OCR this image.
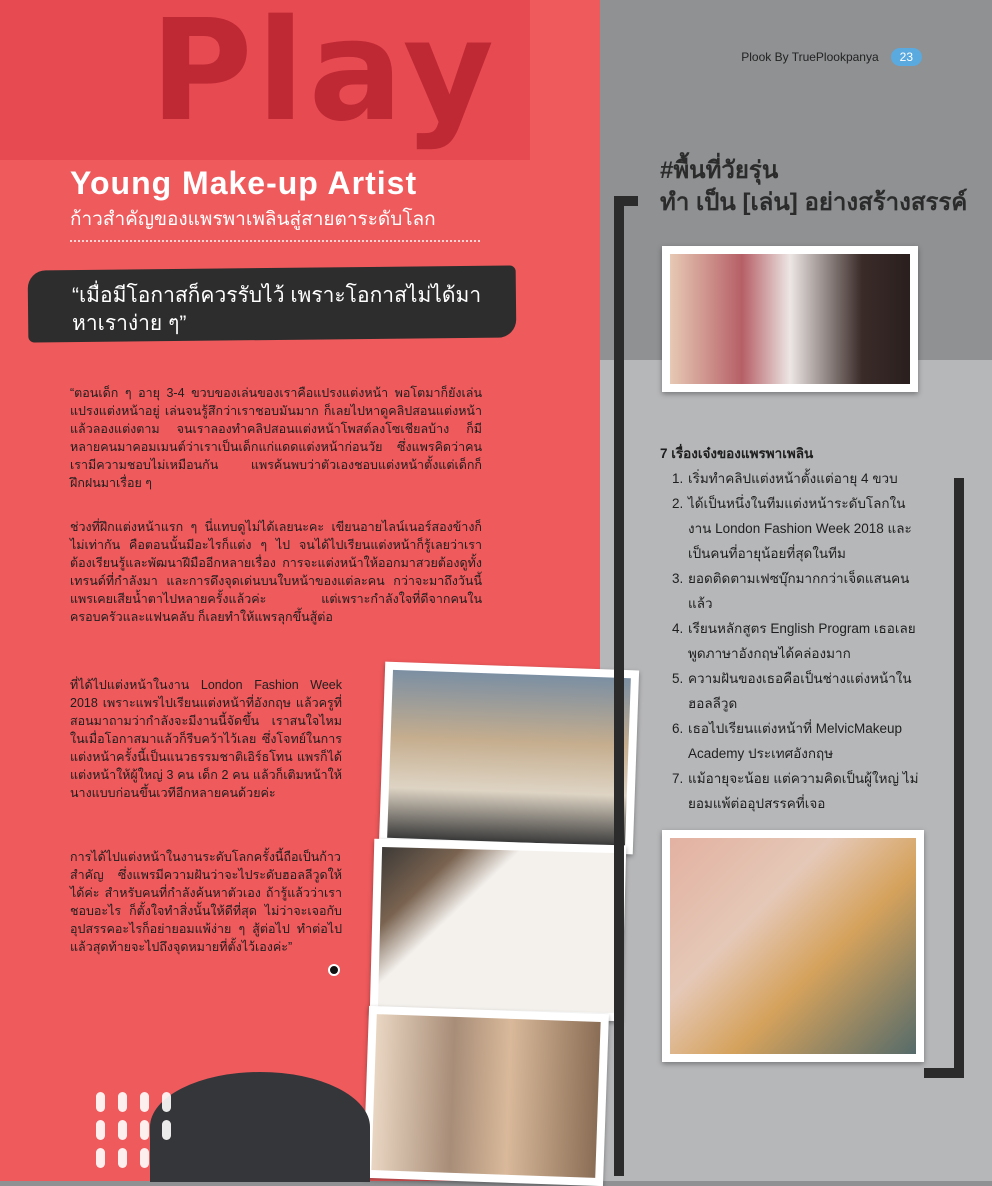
Play	Plook By TruePlookpanya	23
Young Make-up Artist
ก้าวสำคัญของแพรพาเพลินสู่สายตาระดับโลก
“เมื่อมีโอกาสก็ควรรับไว้ เพราะโอกาสไม่ได้มาหาเราง่าย ๆ”

“ตอนเด็ก ๆ อายุ 3-4 ขวบของเล่นของเราคือแปรงแต่งหน้า พอโตมาก็ยังเล่นแปรงแต่งหน้าอยู่ เล่นจนรู้สึกว่าเราชอบมันมาก ก็เลยไปหาดูคลิปสอนแต่งหน้าแล้วลองแต่งตาม จนเราลองทำคลิปสอนแต่งหน้าโพสต์ลงโซเชียลบ้าง ก็มีหลายคนมาคอมเมนต์ว่าเราเป็นเด็กแก่แดดแต่งหน้าก่อนวัย ซึ่งแพรคิดว่าคนเรามีความชอบไม่เหมือนกัน แพรค้นพบว่าตัวเองชอบแต่งหน้าตั้งแต่เด็กก็ฝึกฝนมาเรื่อย ๆ

ช่วงที่ฝึกแต่งหน้าแรก ๆ นี่แทบดูไม่ได้เลยนะคะ เขียนอายไลน์เนอร์สองข้างก็ไม่เท่ากัน คือตอนนั้นมีอะไรก็แต่ง ๆ ไป จนได้ไปเรียนแต่งหน้าก็รู้เลยว่าเราต้องเรียนรู้และพัฒนาฝีมืออีกหลายเรื่อง การจะแต่งหน้าให้ออกมาสวยต้องดูทั้งเทรนด์ที่กำลังมา และการดึงจุดเด่นบนใบหน้าของแต่ละคน กว่าจะมาถึงวันนี้แพรเคยเสียน้ำตาไปหลายครั้งแล้วค่ะ แต่เพราะกำลังใจที่ดีจากคนในครอบครัวและแฟนคลับ ก็เลยทำให้แพรลุกขึ้นสู้ต่อ

ที่ได้ไปแต่งหน้าในงาน London Fashion Week 2018 เพราะแพรไปเรียนแต่งหน้าที่อังกฤษ แล้วครูที่สอนมาถามว่ากำลังจะมีงานนี้จัดขึ้น เราสนใจไหม ในเมื่อโอกาสมาแล้วก็รีบคว้าไว้เลย ซึ่งโจทย์ในการแต่งหน้าครั้งนี้เป็นแนวธรรมชาติเอิร์ธโทน แพรก็ได้แต่งหน้าให้ผู้ใหญ่ 3 คน เด็ก 2 คน แล้วก็เติมหน้าให้นางแบบก่อนขึ้นเวทีอีกหลายคนด้วยค่ะ

การได้ไปแต่งหน้าในงานระดับโลกครั้งนี้ถือเป็นก้าวสำคัญ ซึ่งแพรมีความฝันว่าจะไประดับฮอลลีวูดให้ได้ค่ะ สำหรับคนที่กำลังค้นหาตัวเอง ถ้ารู้แล้วว่าเราชอบอะไร ก็ตั้งใจทำสิ่งนั้นให้ดีที่สุด ไม่ว่าจะเจอกับอุปสรรคอะไรก็อย่ายอมแพ้ง่าย ๆ สู้ต่อไป ทำต่อไป แล้วสุดท้ายจะไปถึงจุดหมายที่ตั้งไว้เองค่ะ”

#พื้นที่วัยรุ่น
ทำ เป็น [เล่น] อย่างสร้างสรรค์
7 เรื่องเจ๋งของแพรพาเพลิน
1. เริ่มทำคลิปแต่งหน้าตั้งแต่อายุ 4 ขวบ
2. ได้เป็นหนึ่งในทีมแต่งหน้าระดับโลกในงาน London Fashion Week 2018 และเป็นคนที่อายุน้อยที่สุดในทีม
3. ยอดติดตามเฟซบุ๊กมากกว่าเจ็ดแสนคนแล้ว
4. เรียนหลักสูตร English Program เธอเลยพูดภาษาอังกฤษได้คล่องมาก
5. ความฝันของเธอคือเป็นช่างแต่งหน้าในฮอลลีวูด
6. เธอไปเรียนแต่งหน้าที่ MelvicMakeup Academy ประเทศอังกฤษ
7. แม้อายุจะน้อย แต่ความคิดเป็นผู้ใหญ่ ไม่ยอมแพ้ต่ออุปสรรคที่เจอ
